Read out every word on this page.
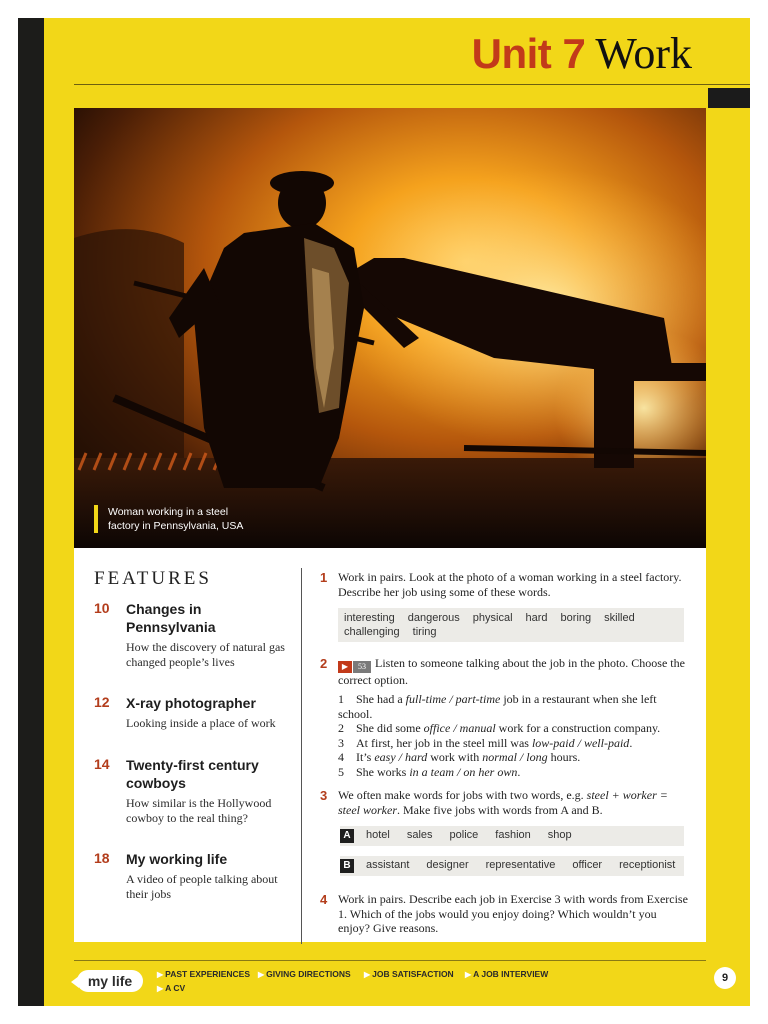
Unit 7 Work
Woman working in a steel
factory in Pennsylvania, USA
FEATURES
10 Changes in Pennsylvania
How the discovery of natural gas changed people’s lives
12 X-ray photographer
Looking inside a place of work
14 Twenty-first century cowboys
How similar is the Hollywood cowboy to the real thing?
18 My working life
A video of people talking about their jobs
1 Work in pairs. Look at the photo of a woman working in a steel factory. Describe her job using some of these words.
interesting dangerous physical hard boring skilled
challenging tiring
2	▶ 53 Listen to someone talking about the job in the photo. Choose the correct option.
1 She had a full-time / part-time job in a restaurant when she left school.
2 She did some office / manual work for a construction company.
3 At first, her job in the steel mill was low-paid / well-paid.
4 It’s easy / hard work with normal / long hours.
5 She works in a team / on her own.
3 We often make words for jobs with two words, e.g. steel + worker = steel worker. Make five jobs with words from A and B.
A	hotel sales police fashion shop
B	assistant designer representative officer receptionist
4 Work in pairs. Describe each job in Exercise 3 with words from Exercise 1. Which of the jobs would you enjoy doing? Which wouldn’t you enjoy? Give reasons.
my life	▶ PAST EXPERIENCES ▶ GIVING DIRECTIONS ▶ JOB SATISFACTION ▶ A JOB INTERVIEW
▶ A CV
9
